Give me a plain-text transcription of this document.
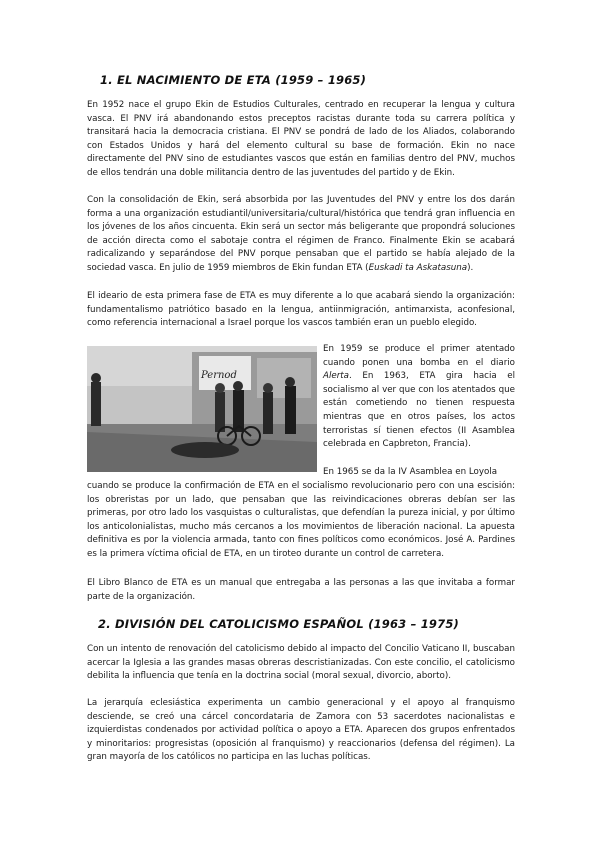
1. EL NACIMIENTO DE ETA (1959 – 1965)

En 1952 nace el grupo Ekin de Estudios Culturales, centrado en recuperar la lengua y cultura vasca. El PNV irá abandonando estos preceptos racistas durante toda su carrera política y transitará hacia la democracia cristiana. El PNV se pondrá de lado de los Aliados, colaborando con Estados Unidos y hará del elemento cultural su base de formación. Ekin no nace directamente del PNV sino de estudiantes vascos que están en familias dentro del PNV, muchos de ellos tendrán una doble militancia dentro de las juventudes del partido y de Ekin.

Con la consolidación de Ekin, será absorbida por las Juventudes del PNV y entre los dos darán forma a una organización estudiantil/universitaria/cultural/histórica que tendrá gran influencia en los jóvenes de los años cincuenta. Ekin será un sector más beligerante que propondrá soluciones de acción directa como el sabotaje contra el régimen de Franco. Finalmente Ekin se acabará radicalizando y separándose del PNV porque pensaban que el partido se había alejado de la sociedad vasca. En julio de 1959 miembros de Ekin fundan ETA (Euskadi ta Askatasuna).

El ideario de esta primera fase de ETA es muy diferente a lo que acabará siendo la organización: fundamentalismo patriótico basado en la lengua, antiinmigración, antimarxista, aconfesional, como referencia internacional a Israel porque los vascos también eran un pueblo elegido.

Pernod

En 1959 se produce el primer atentado cuando ponen una bomba en el diario Alerta. En 1963, ETA gira hacia el socialismo al ver que con los atentados que están cometiendo no tienen respuesta mientras que en otros países, los actos terroristas sí tienen efectos (II Asamblea celebrada en Capbreton, Francia).

En 1965 se da la IV Asamblea en Loyola

cuando se produce la confirmación de ETA en el socialismo revolucionario pero con una escisión: los obreristas por un lado, que pensaban que las reivindicaciones obreras debían ser las primeras, por otro lado los vasquistas o culturalistas, que defendían la pureza inicial, y por último los anticolonialistas, mucho más cercanos a los movimientos de liberación nacional. La apuesta definitiva es por la violencia armada, tanto con fines políticos como económicos. José A. Pardines es la primera víctima oficial de ETA, en un tiroteo durante un control de carretera.

El Libro Blanco de ETA es un manual que entregaba a las personas a las que invitaba a formar parte de la organización.

2. DIVISIÓN DEL CATOLICISMO ESPAÑOL (1963 – 1975)

Con un intento de renovación del catolicismo debido al impacto del Concilio Vaticano II, buscaban acercar la Iglesia a las grandes masas obreras descristianizadas. Con este concilio, el catolicismo debilita la influencia que tenía en la doctrina social (moral sexual, divorcio, aborto).

La jerarquía eclesiástica experimenta un cambio generacional y el apoyo al franquismo desciende, se creó una cárcel concordataria de Zamora con 53 sacerdotes nacionalistas e izquierdistas condenados por actividad política o apoyo a ETA. Aparecen dos grupos enfrentados y minoritarios: progresistas (oposición al franquismo) y reaccionarios (defensa del régimen). La gran mayoría de los católicos no participa en las luchas políticas.
